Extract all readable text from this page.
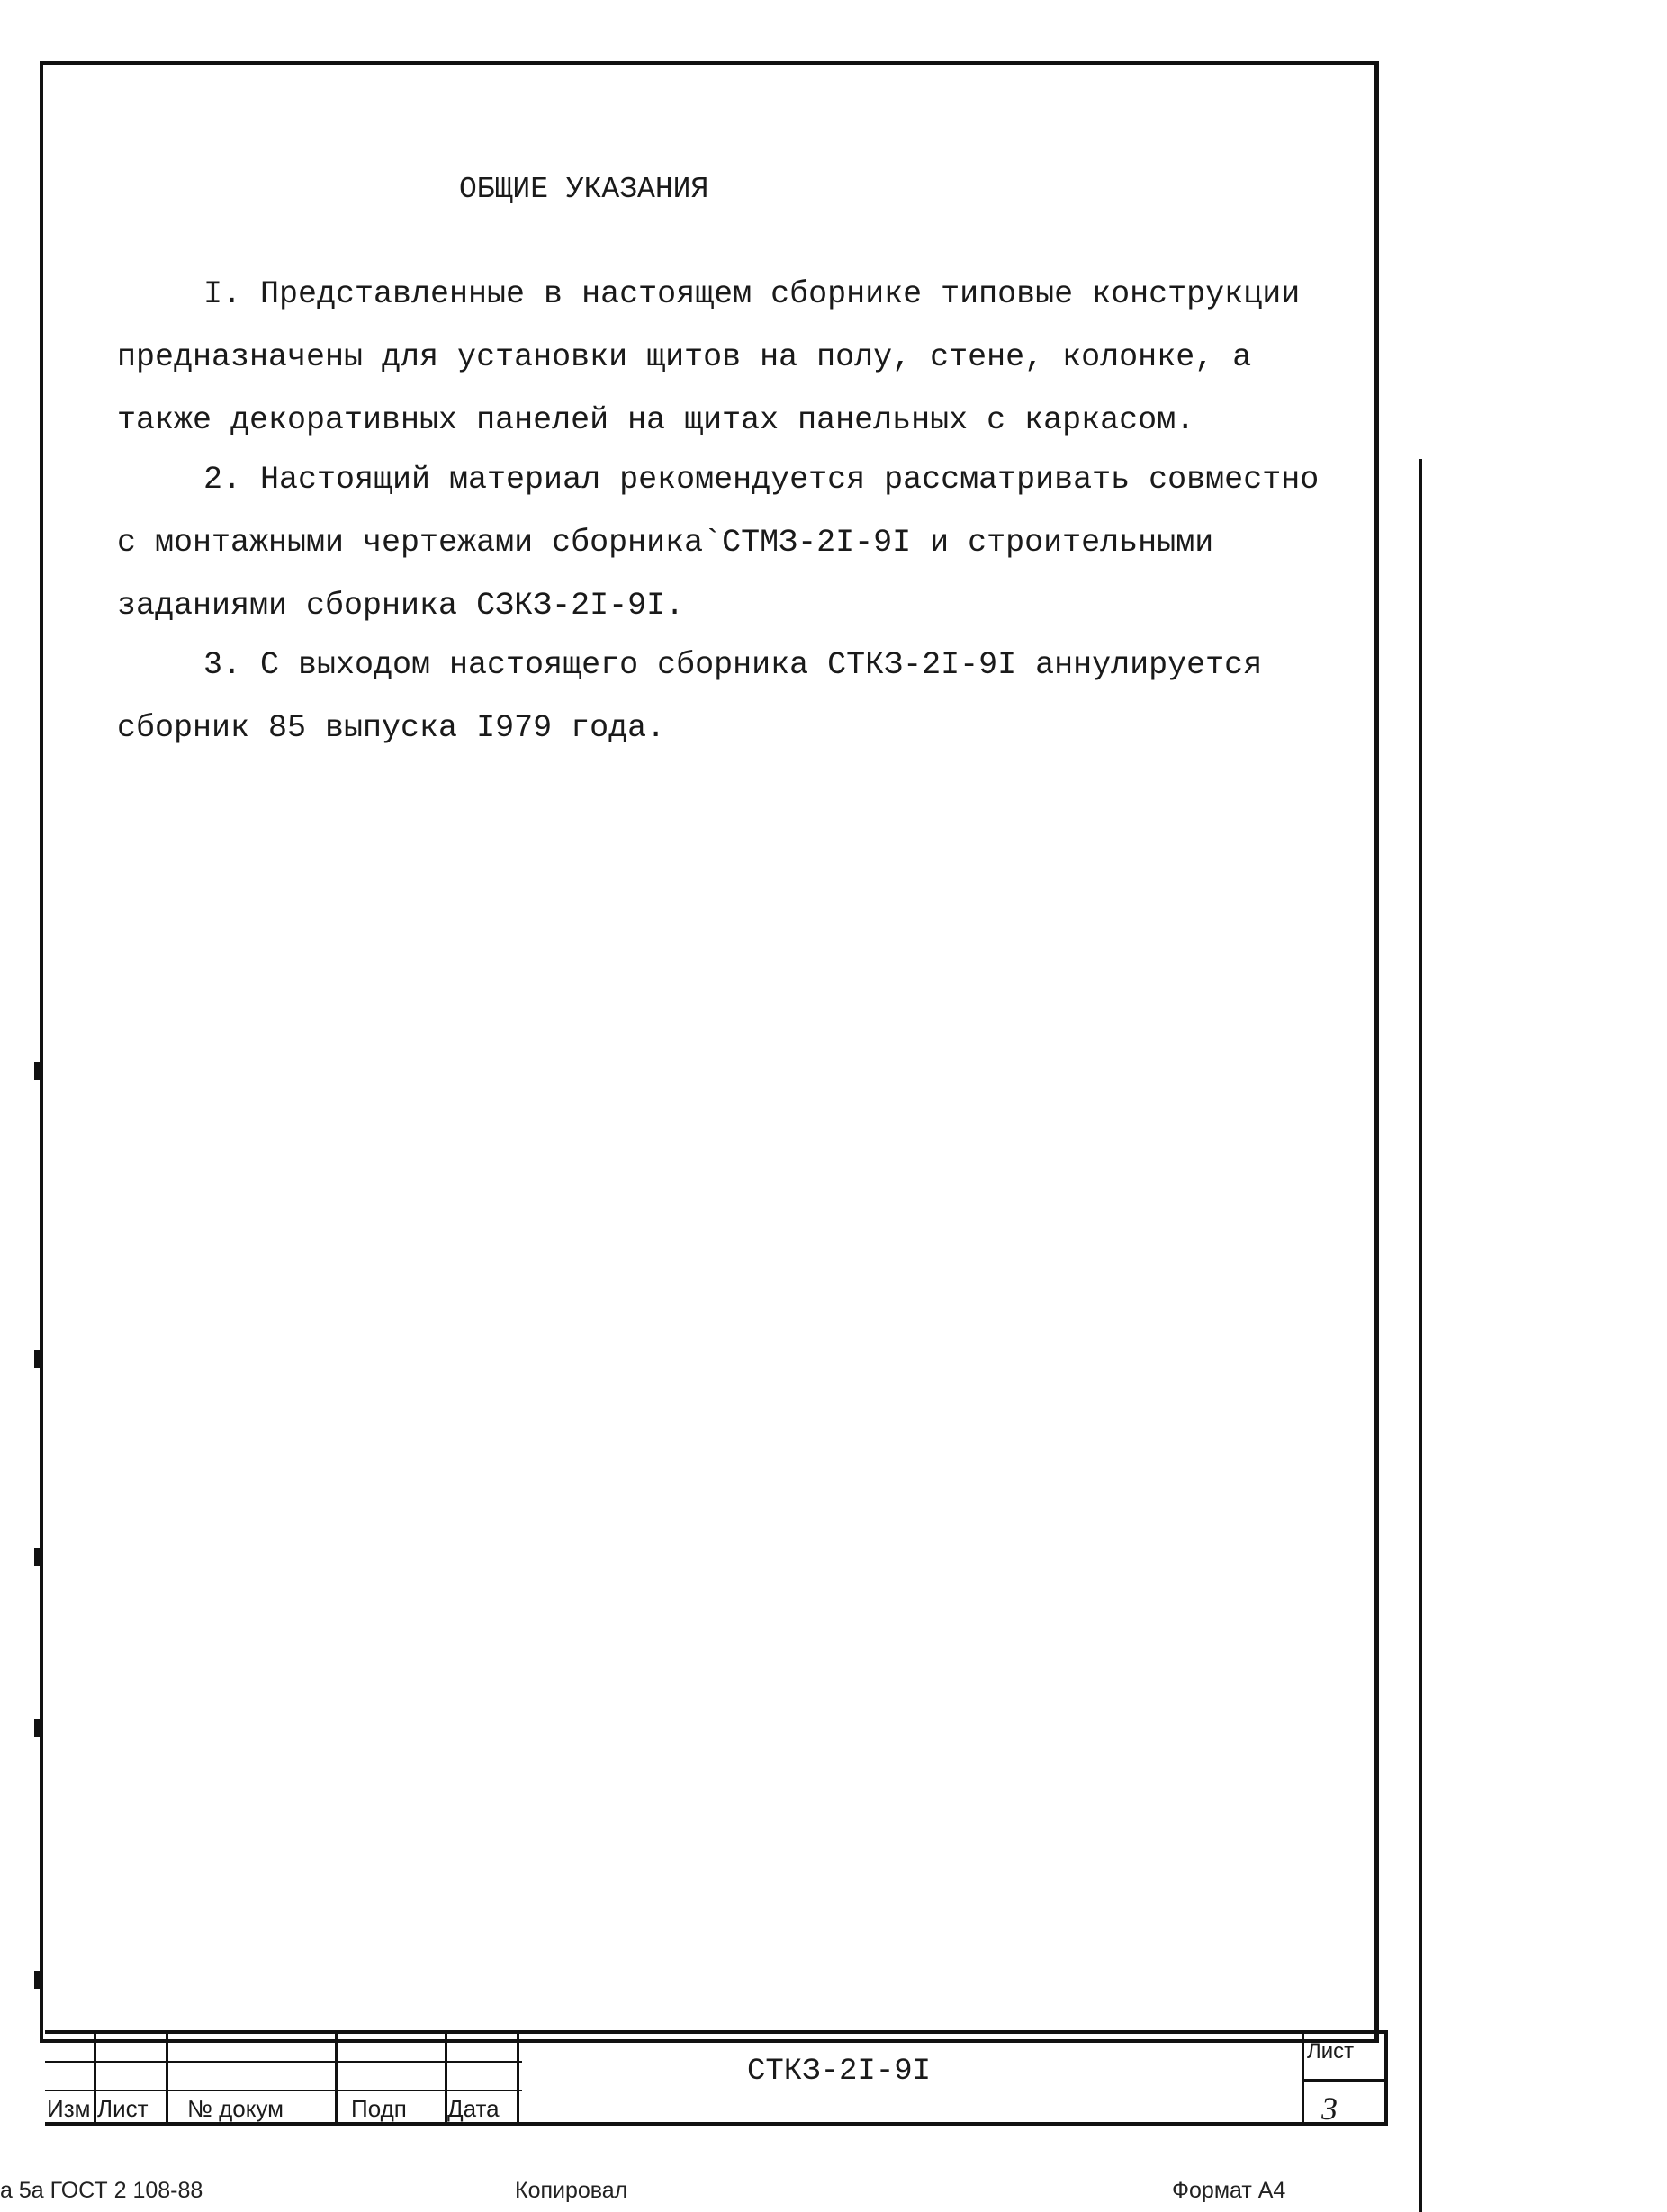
ОБЩИЕ УКАЗАНИЯ

I. Представленные в настоящем сборнике типовые конструкции предназначены для установки щитов на полу, стене, колонке, а также декоративных панелей на щитах панельных с каркасом.

2. Настоящий материал рекомендуется рассматривать совместно с монтажными чертежами сборника`СТМЗ-2I-9I и строительными заданиями сборника СЗКЗ-2I-9I.

3. С выходом настоящего сборника СТКЗ-2I-9I аннулируется сборник 85 выпуска I979 года.

СТКЗ-2I-9I
Изм Лист № докум	Подп Дата
Лист
3
а 5а ГОСТ 2 108-88	Копировал	Формат А4
